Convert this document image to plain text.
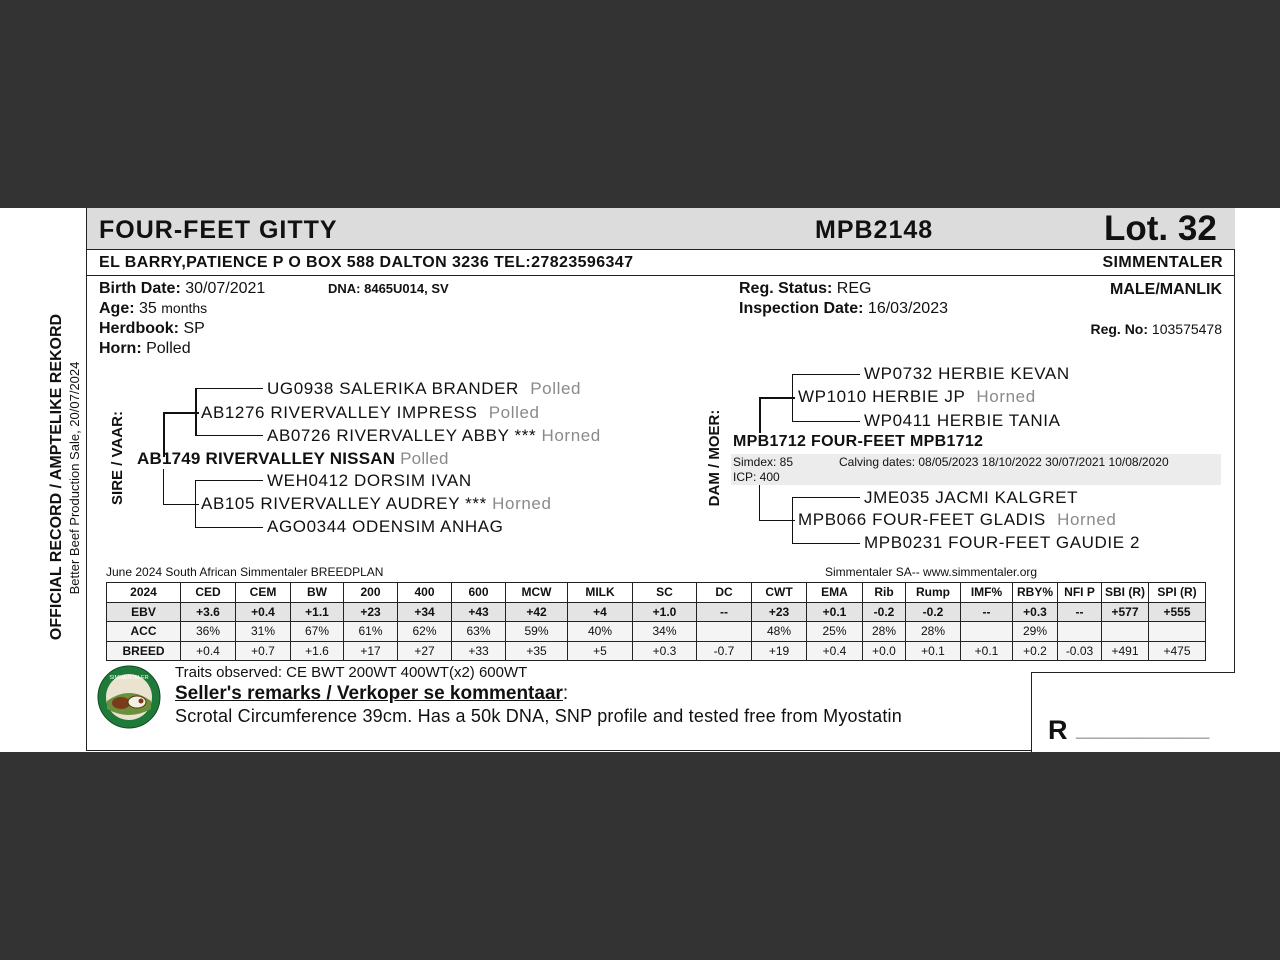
OFFICIAL RECORD / AMPTELIKE REKORD Better Beef Production Sale, 20/07/2024
FOUR-FEET GITTY	MPB2148	Lot. 32
EL BARRY,PATIENCE P O BOX 588 DALTON 3236 TEL:27823596347	SIMMENTALER
Birth Date: 30/07/2021	DNA: 8465U014, SV
Age: 35 months
Herdbook: SP
Horn: Polled
Reg. Status: REG
Inspection Date: 16/03/2023
MALE/MANLIK
Reg. No: 103575478
SIRE / VAAR:
UG0938 SALERIKA BRANDER Polled
AB1276 RIVERVALLEY IMPRESS Polled
AB0726 RIVERVALLEY ABBY *** Horned
AB1749 RIVERVALLEY NISSAN Polled
WEH0412 DORSIM IVAN
AB105 RIVERVALLEY AUDREY *** Horned
AGO0344 ODENSIM ANHAG
DAM / MOER:
WP0732 HERBIE KEVAN
WP1010 HERBIE JP Horned
WP0411 HERBIE TANIA
MPB1712 FOUR-FEET MPB1712
Simdex: 85	Calving dates: 08/05/2023 18/10/2022 30/07/2021 10/08/2020
ICP: 400
JME035 JACMI KALGRET
MPB066 FOUR-FEET GLADIS Horned
MPB0231 FOUR-FEET GAUDIE 2
June 2024 South African Simmentaler BREEDPLAN	Simmentaler SA-- www.simmentaler.org
2024	CED	CEM	BW	200	400	600	MCW	MILK	SC	DC	CWT	EMA	Rib	Rump	IMF%	RBY%	NFI P	SBI (R)	SPI (R)
EBV	+3.6	+0.4	+1.1	+23	+34	+43	+42	+4	+1.0	--	+23	+0.1	-0.2	-0.2	--	+0.3	--	+577	+555
ACC	36%	31%	67%	61%	62%	63%	59%	40%	34%		48%	25%	28%	28%		29%			
BREED	+0.4	+0.7	+1.6	+17	+27	+33	+35	+5	+0.3	-0.7	+19	+0.4	+0.0	+0.1	+0.1	+0.2	-0.03	+491	+475
SIMMENTALER Traits observed: CE BWT 200WT 400WT(x2) 600WT
Seller's remarks / Verkoper se kommentaar:
Scrotal Circumference 39cm. Has a 50k DNA, SNP profile and tested free from Myostatin	R ____________________
